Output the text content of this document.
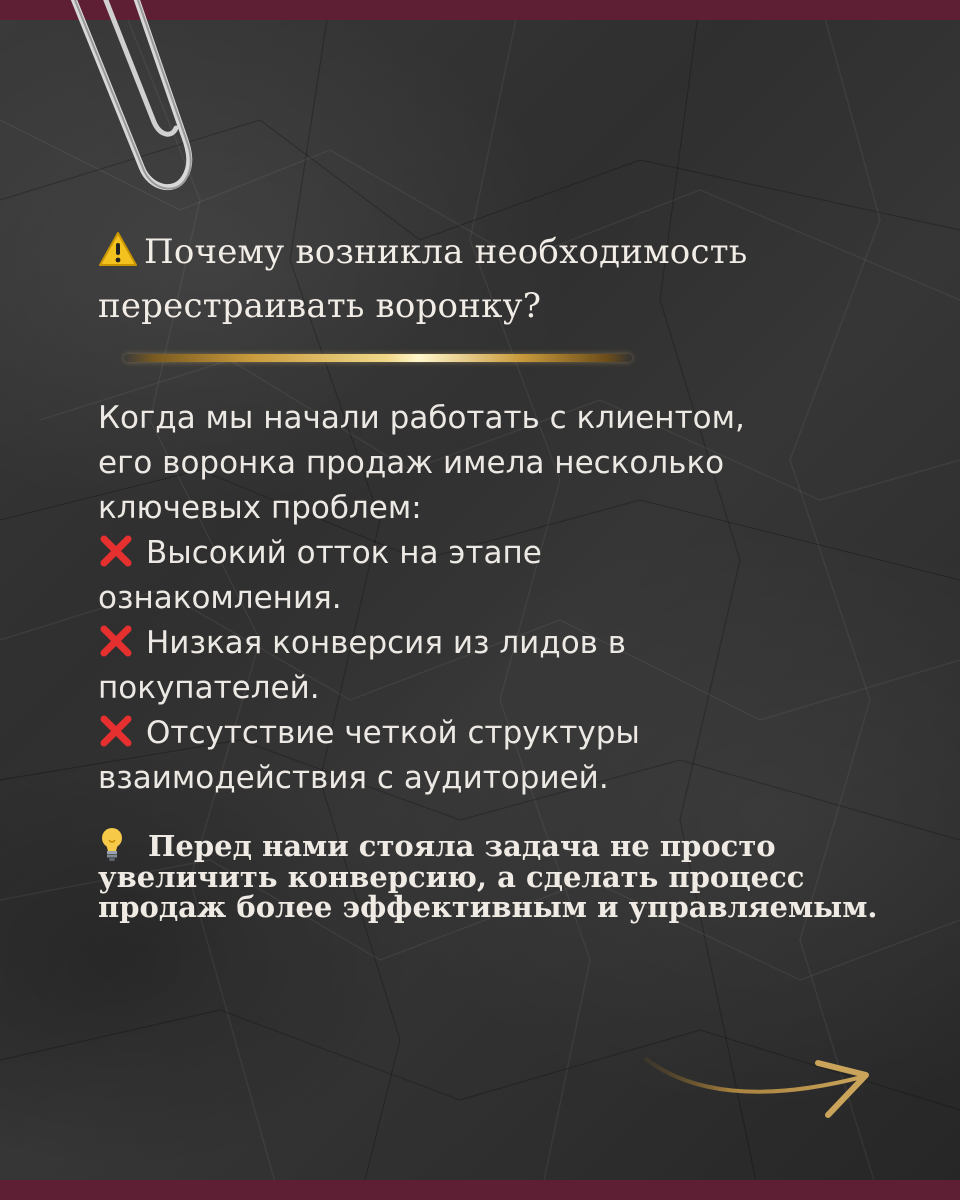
Почему возникла необходимость
перестраивать воронку?

Когда мы начали работать с клиентом,
его воронка продаж имела несколько
ключевых проблем:

Высокий отток на этапе
ознакомления.
Низкая конверсия из лидов в
покупателей.
Отсутствие четкой структуры
взаимодействия с аудиторией.
Перед нами стояла задача не просто
увеличить конверсию, а сделать процесс
продаж более эффективным и управляемым.
